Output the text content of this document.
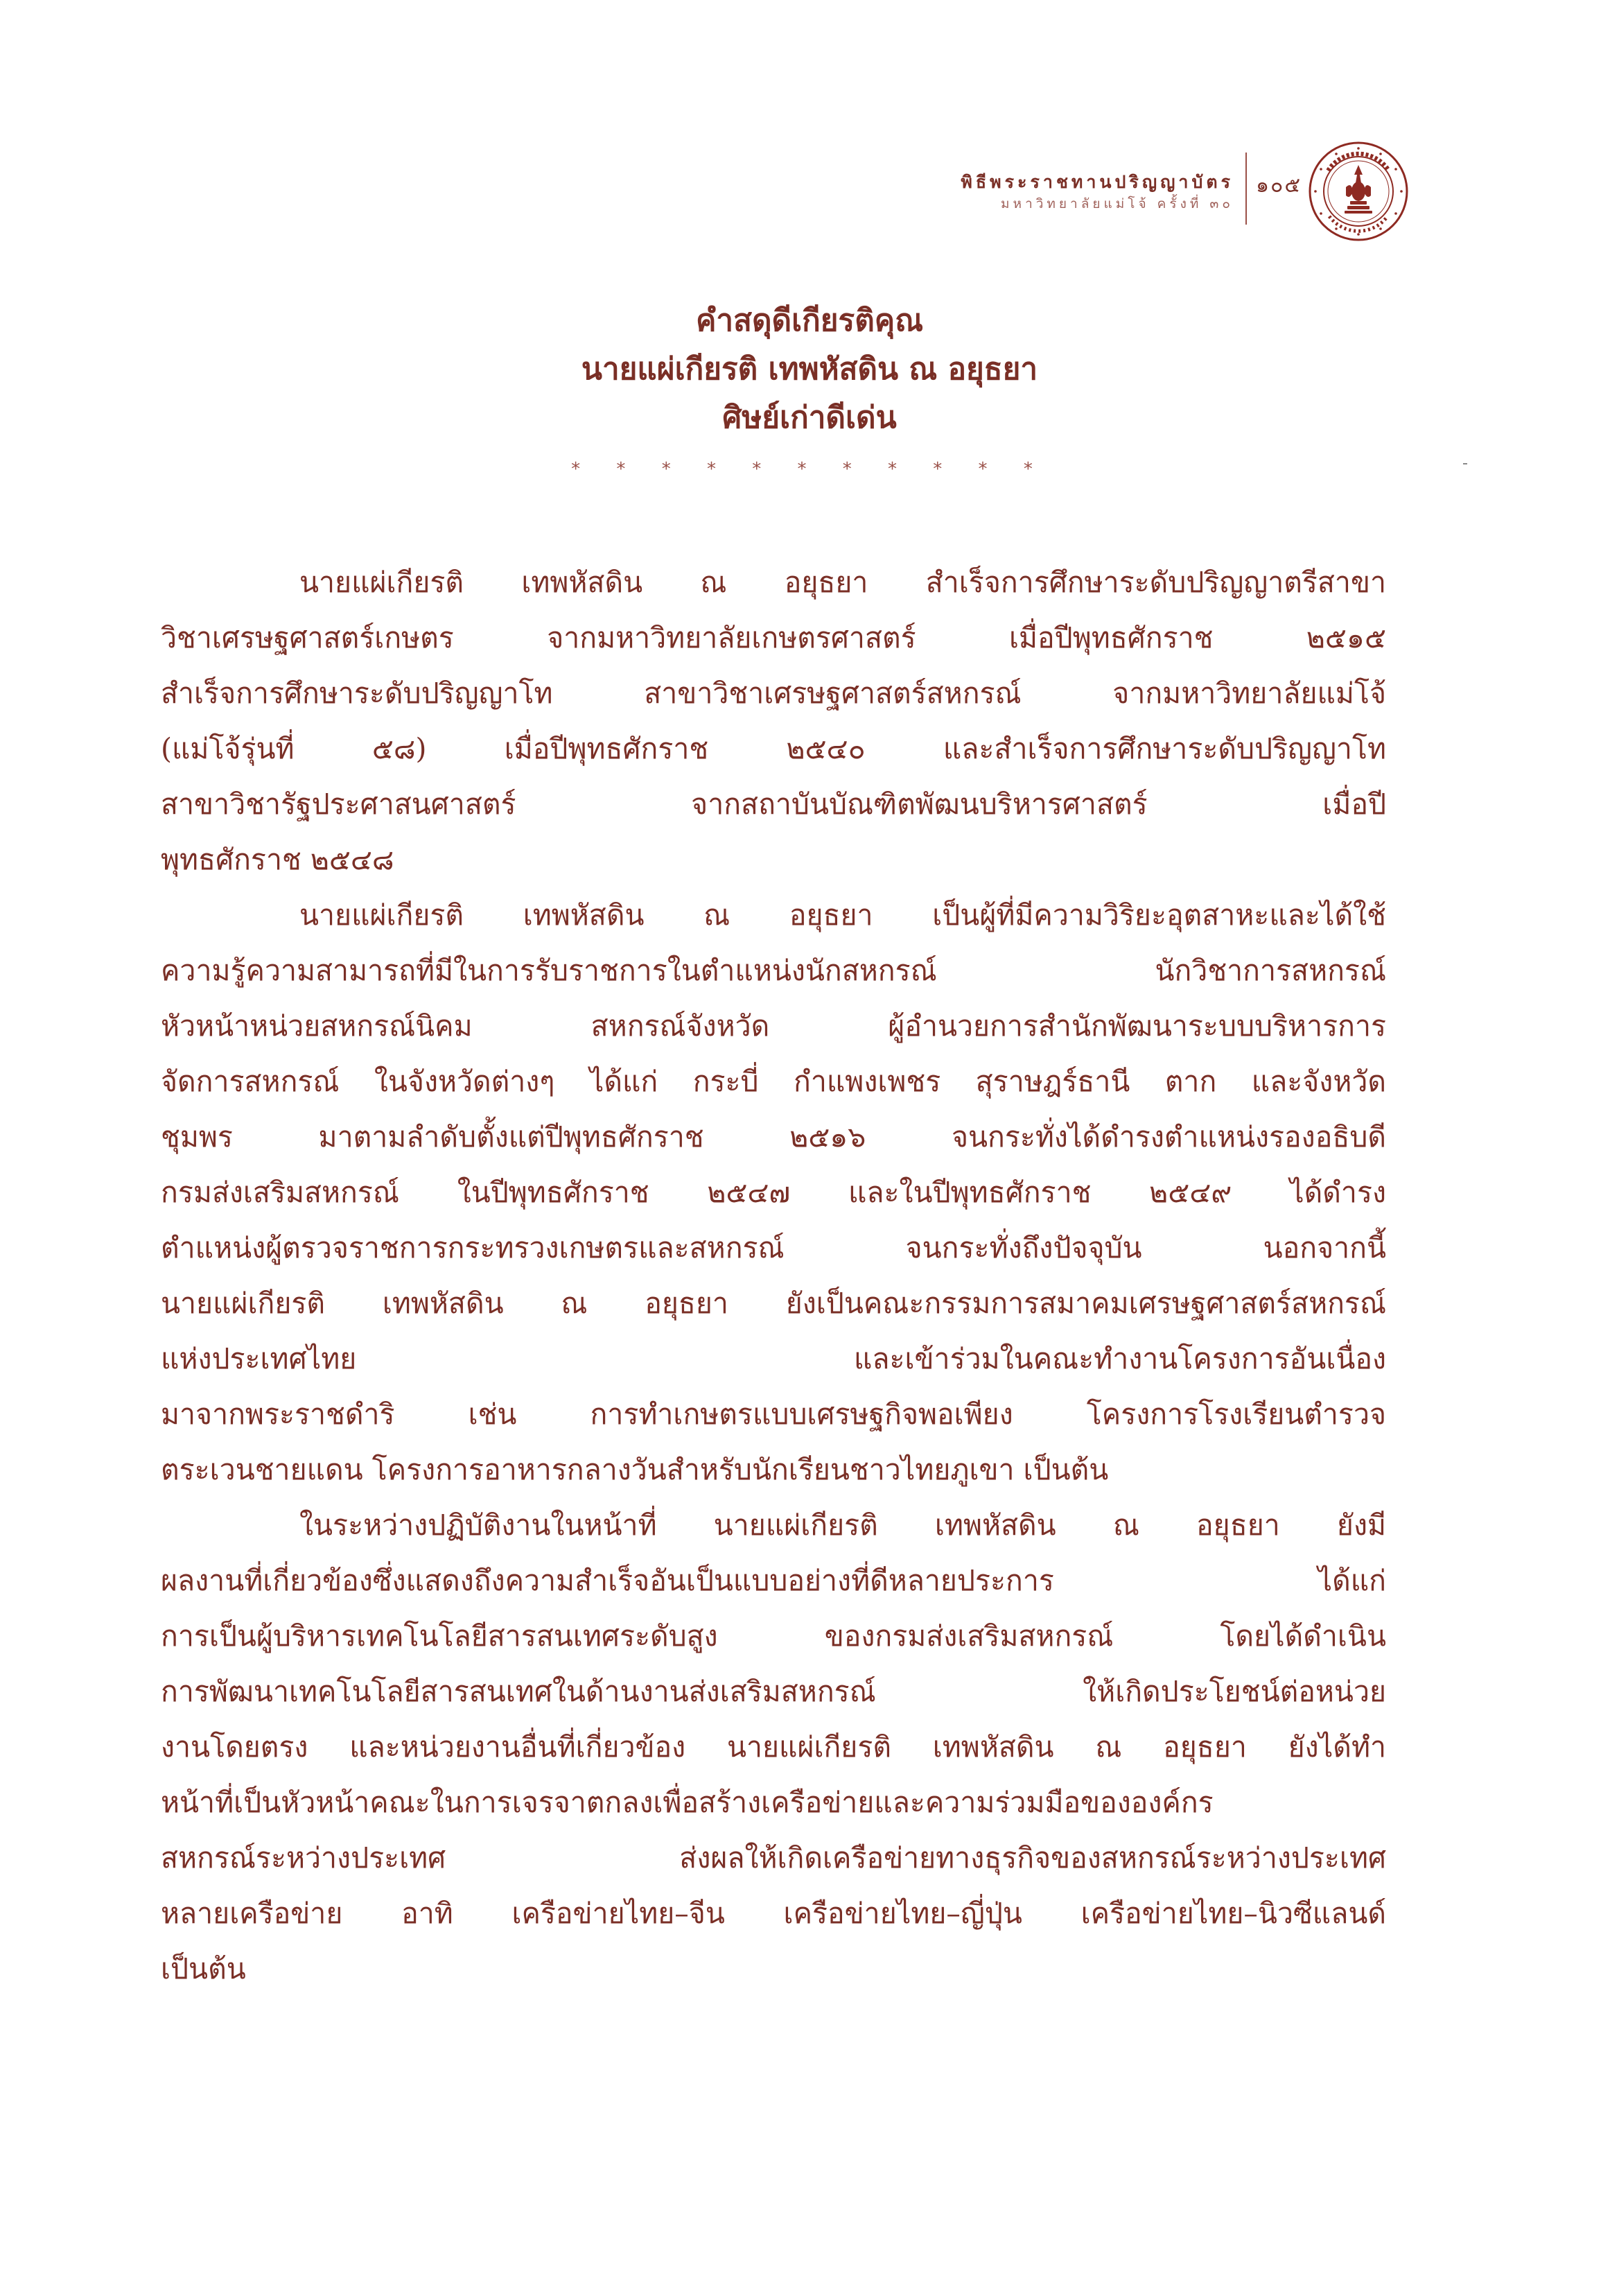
พิธีพระราชทานปริญญาบัตร
มหาวิทยาลัยแม่โจ้ ครั้งที่ ๓๐
๑๐๕
คำสดุดีเกียรติคุณ
นายแผ่เกียรติ เทพหัสดิน ณ อยุธยา
ศิษย์เก่าดีเด่น
* * * * * * * * * * *

นายแผ่เกียรติ เทพหัสดิน ณ อยุธยา สำเร็จการศึกษาระดับปริญญาตรีสาขา
วิชาเศรษฐศาสตร์เกษตร จากมหาวิทยาลัยเกษตรศาสตร์ เมื่อปีพุทธศักราช ๒๕๑๕
สำเร็จการศึกษาระดับปริญญาโท สาขาวิชาเศรษฐศาสตร์สหกรณ์ จากมหาวิทยาลัยแม่โจ้
(แม่โจ้รุ่นที่ ๕๘) เมื่อปีพุทธศักราช ๒๕๔๐ และสำเร็จการศึกษาระดับปริญญาโท
สาขาวิชารัฐประศาสนศาสตร์ จากสถาบันบัณฑิตพัฒนบริหารศาสตร์ เมื่อปี
พุทธศักราช ๒๕๔๘

นายแผ่เกียรติ เทพหัสดิน ณ อยุธยา เป็นผู้ที่มีความวิริยะอุตสาหะและได้ใช้
ความรู้ความสามารถที่มีในการรับราชการในตำแหน่งนักสหกรณ์ นักวิชาการสหกรณ์
หัวหน้าหน่วยสหกรณ์นิคม สหกรณ์จังหวัด ผู้อำนวยการสำนักพัฒนาระบบบริหารการ
จัดการสหกรณ์ ในจังหวัดต่างๆ ได้แก่ กระบี่ กำแพงเพชร สุราษฎร์ธานี ตาก และจังหวัด
ชุมพร มาตามลำดับตั้งแต่ปีพุทธศักราช ๒๕๑๖ จนกระทั่งได้ดำรงตำแหน่งรองอธิบดี
กรมส่งเสริมสหกรณ์ ในปีพุทธศักราช ๒๕๔๗ และในปีพุทธศักราช ๒๕๔๙ ได้ดำรง
ตำแหน่งผู้ตรวจราชการกระทรวงเกษตรและสหกรณ์ จนกระทั่งถึงปัจจุบัน นอกจากนี้
นายแผ่เกียรติ เทพหัสดิน ณ อยุธยา ยังเป็นคณะกรรมการสมาคมเศรษฐศาสตร์สหกรณ์
แห่งประเทศไทย และเข้าร่วมในคณะทำงานโครงการอันเนื่อง
มาจากพระราชดำริ เช่น การทำเกษตรแบบเศรษฐกิจพอเพียง โครงการโรงเรียนตำรวจ
ตระเวนชายแดน โครงการอาหารกลางวันสำหรับนักเรียนชาวไทยภูเขา เป็นต้น

ในระหว่างปฏิบัติงานในหน้าที่ นายแผ่เกียรติ เทพหัสดิน ณ อยุธยา ยังมี
ผลงานที่เกี่ยวข้องซึ่งแสดงถึงความสำเร็จอันเป็นแบบอย่างที่ดีหลายประการ ได้แก่
การเป็นผู้บริหารเทคโนโลยีสารสนเทศระดับสูง ของกรมส่งเสริมสหกรณ์ โดยได้ดำเนิน
การพัฒนาเทคโนโลยีสารสนเทศในด้านงานส่งเสริมสหกรณ์ ให้เกิดประโยชน์ต่อหน่วย
งานโดยตรง และหน่วยงานอื่นที่เกี่ยวข้อง นายแผ่เกียรติ เทพหัสดิน ณ อยุธยา ยังได้ทำ
หน้าที่เป็นหัวหน้าคณะในการเจรจาตกลงเพื่อสร้างเครือข่ายและความร่วมมือขององค์กร
สหกรณ์ระหว่างประเทศ ส่งผลให้เกิดเครือข่ายทางธุรกิจของสหกรณ์ระหว่างประเทศ
หลายเครือข่าย อาทิ เครือข่ายไทย–จีน เครือข่ายไทย–ญี่ปุ่น เครือข่ายไทย–นิวซีแลนด์
เป็นต้น
